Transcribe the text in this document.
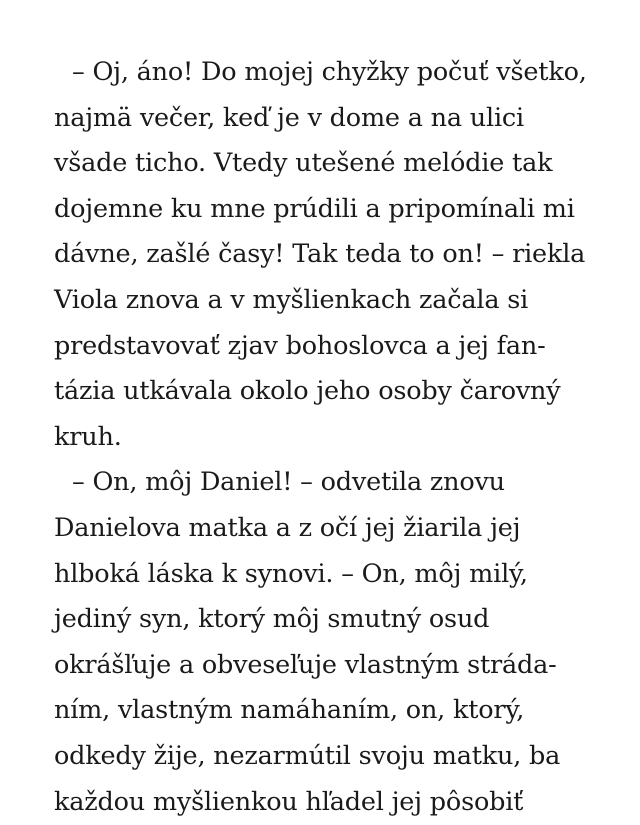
– Oj, áno! Do mojej chyžky počuť všetko,
najmä večer, keď je v dome a na ulici
všade ticho. Vtedy utešené melódie tak
dojemne ku mne prúdili a pripomínali mi
dávne, zašlé časy! Tak teda to on! – riekla
Viola znova a v myšlienkach začala si
predstavovať zjav bohoslovca a jej fan-
tázia utkávala okolo jeho osoby čarovný
kruh.
– On, môj Daniel! – odvetila znovu
Danielova matka a z očí jej žiarila jej
hlboká láska k synovi. – On, môj milý,
jediný syn, ktorý môj smutný osud
okrášľuje a obveseľuje vlastným stráda-
ním, vlastným namáhaním, on, ktorý,
odkedy žije, nezarmútil svoju matku, ba
každou myšlienkou hľadel jej pôsobiť
